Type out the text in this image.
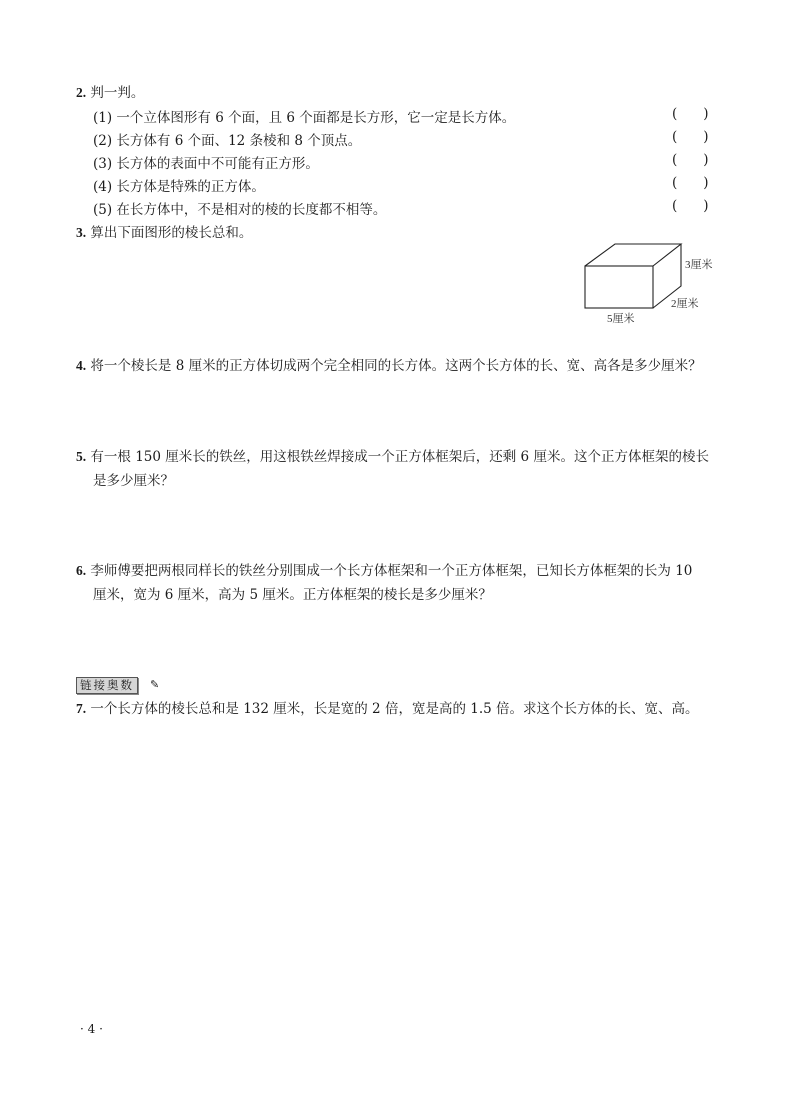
2. 判一判。
(1) 一个立体图形有 6 个面，且 6 个面都是长方形，它一定是长方体。	( )
(2) 长方体有 6 个面、12 条棱和 8 个顶点。	( )
(3) 长方体的表面中不可能有正方形。	( )
(4) 长方体是特殊的正方体。	( )
(5) 在长方体中，不是相对的棱的长度都不相等。	( )
3. 算出下面图形的棱长总和。
3厘米
2厘米
5厘米
4. 将一个棱长是 8 厘米的正方体切成两个完全相同的长方体。这两个长方体的长、宽、高各是多少厘米？
5. 有一根 150 厘米长的铁丝，用这根铁丝焊接成一个正方体框架后，还剩 6 厘米。这个正方体框架的棱长
是多少厘米？
6. 李师傅要把两根同样长的铁丝分别围成一个长方体框架和一个正方体框架，已知长方体框架的长为 10
厘米，宽为 6 厘米，高为 5 厘米。正方体框架的棱长是多少厘米？
链接奥数	✎
7. 一个长方体的棱长总和是 132 厘米，长是宽的 2 倍，宽是高的 1.5 倍。求这个长方体的长、宽、高。
· 4 ·
